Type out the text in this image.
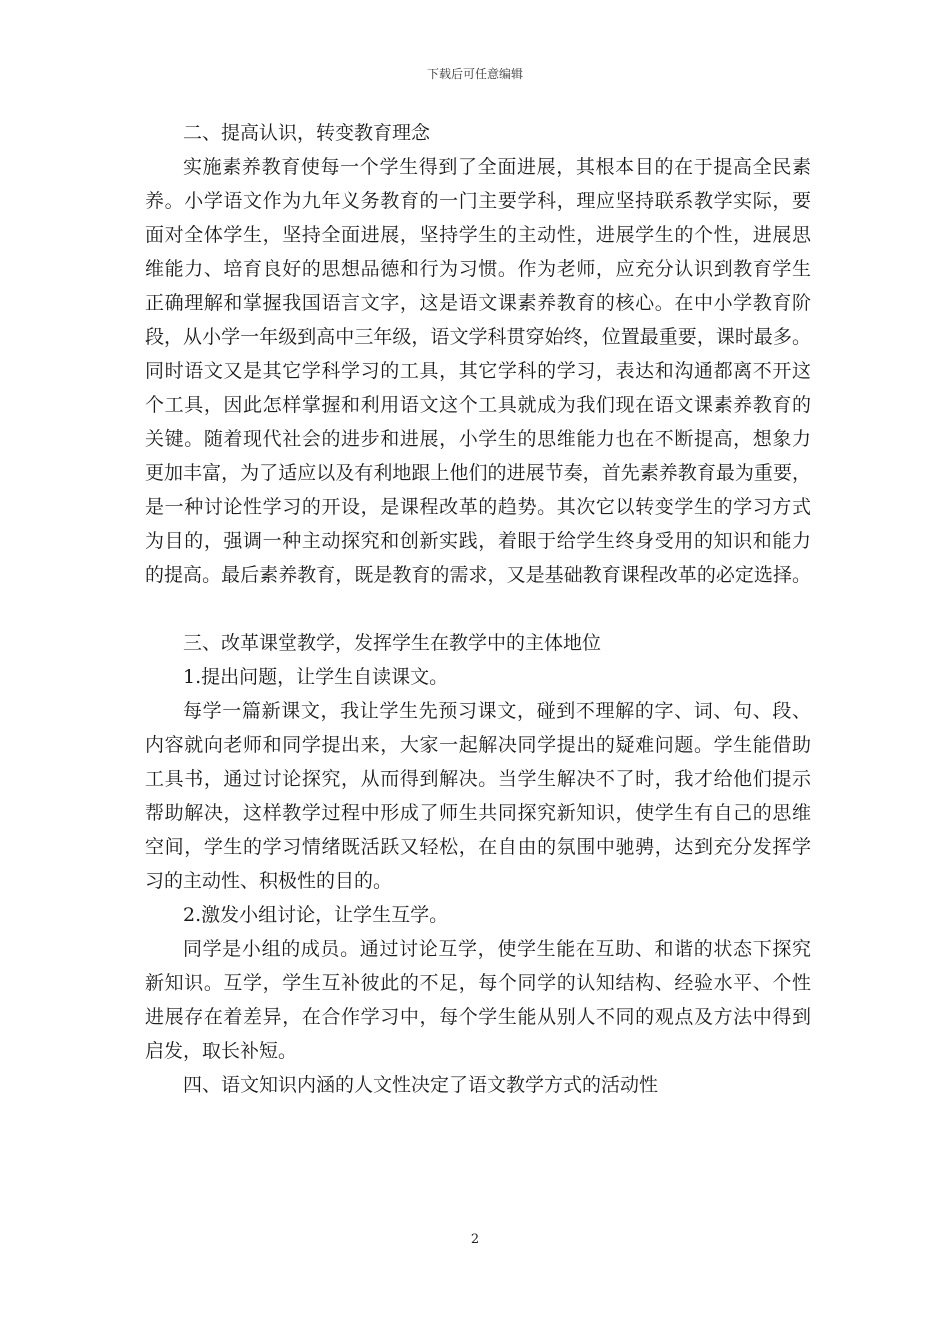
下载后可任意编辑
二、提高认识，转变教育理念
实施素养教育使每一个学生得到了全面进展，其根本目的在于提高全民素
养。小学语文作为九年义务教育的一门主要学科，理应坚持联系教学实际，要
面对全体学生，坚持全面进展，坚持学生的主动性，进展学生的个性，进展思
维能力、培育良好的思想品德和行为习惯。作为老师，应充分认识到教育学生
正确理解和掌握我国语言文字，这是语文课素养教育的核心。在中小学教育阶
段，从小学一年级到高中三年级，语文学科贯穿始终，位置最重要，课时最多。
同时语文又是其它学科学习的工具，其它学科的学习，表达和沟通都离不开这
个工具，因此怎样掌握和利用语文这个工具就成为我们现在语文课素养教育的
关键。随着现代社会的进步和进展，小学生的思维能力也在不断提高，想象力
更加丰富，为了适应以及有利地跟上他们的进展节奏，首先素养教育最为重要，
是一种讨论性学习的开设，是课程改革的趋势。其次它以转变学生的学习方式
为目的，强调一种主动探究和创新实践，着眼于给学生终身受用的知识和能力
的提高。最后素养教育，既是教育的需求，又是基础教育课程改革的必定选择。
三、改革课堂教学，发挥学生在教学中的主体地位
1.提出问题，让学生自读课文。
每学一篇新课文，我让学生先预习课文，碰到不理解的字、词、句、段、
内容就向老师和同学提出来，大家一起解决同学提出的疑难问题。学生能借助
工具书，通过讨论探究，从而得到解决。当学生解决不了时，我才给他们提示
帮助解决，这样教学过程中形成了师生共同探究新知识，使学生有自己的思维
空间，学生的学习情绪既活跃又轻松，在自由的氛围中驰骋，达到充分发挥学
习的主动性、积极性的目的。
2.激发小组讨论，让学生互学。
同学是小组的成员。通过讨论互学，使学生能在互助、和谐的状态下探究
新知识。互学，学生互补彼此的不足，每个同学的认知结构、经验水平、个性
进展存在着差异，在合作学习中，每个学生能从别人不同的观点及方法中得到
启发，取长补短。
四、语文知识内涵的人文性决定了语文教学方式的活动性
2
